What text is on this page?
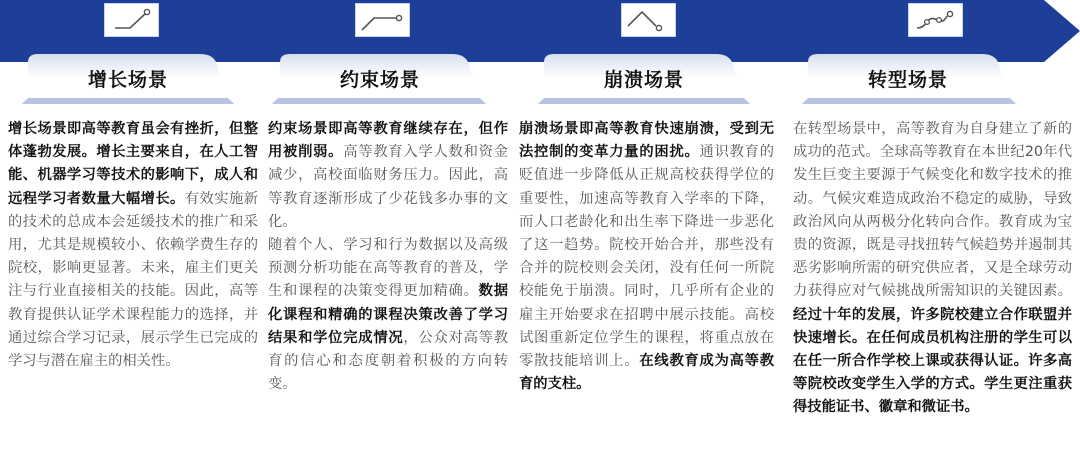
增长场景	约束场景	崩溃场景	转型场景

增长场景即高等教育虽会有挫折，但整体蓬勃发展。增长主要来自，在人工智能、机器学习等技术的影响下，成人和远程学习者数量大幅增长。有效实施新的技术的总成本会延缓技术的推广和采用，尤其是规模较小、依赖学费生存的院校，影响更显著。未来，雇主们更关注与行业直接相关的技能。因此，高等教育提供认证学术课程能力的选择，并通过综合学习记录，展示学生已完成的学习与潜在雇主的相关性。

约束场景即高等教育继续存在，但作用被削弱。高等教育入学人数和资金减少，高校面临财务压力。因此，高等教育逐渐形成了少花钱多办事的文化。

随着个人、学习和行为数据以及高级预测分析功能在高等教育的普及，学生和课程的决策变得更加精确。数据化课程和精确的课程决策改善了学习结果和学位完成情况，公众对高等教育的信心和态度朝着积极的方向转变。

崩溃场景即高等教育快速崩溃，受到无法控制的变革力量的困扰。通识教育的贬值进一步降低从正规高校获得学位的重要性，加速高等教育入学率的下降，而人口老龄化和出生率下降进一步恶化了这一趋势。院校开始合并，那些没有合并的院校则会关闭，没有任何一所院校能免于崩溃。同时，几乎所有企业的雇主开始要求在招聘中展示技能。高校试图重新定位学生的课程，将重点放在零散技能培训上。在线教育成为高等教育的支柱。

在转型场景中，高等教育为自身建立了新的成功的范式。全球高等教育在本世纪20年代发生巨变主要源于气候变化和数字技术的推动。气候灾难造成政治不稳定的威胁，导致政治风向从两极分化转向合作。教育成为宝贵的资源，既是寻找扭转气候趋势并遏制其恶劣影响所需的研究供应者，又是全球劳动力获得应对气候挑战所需知识的关键因素。经过十年的发展，许多院校建立合作联盟并快速增长。在任何成员机构注册的学生可以在任一所合作学校上课或获得认证。许多高等院校改变学生入学的方式。学生更注重获得技能证书、徽章和微证书。
